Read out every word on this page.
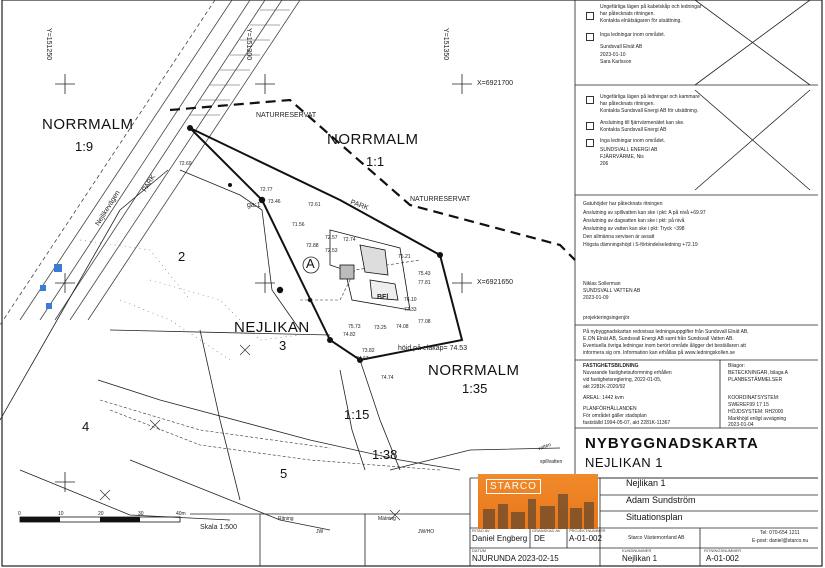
Y=151250	Y=151300	Y=151350
X=6921700
X=6921650
NORRMALM
1:9	NORRMALM
1:1
NEJLIKAN
3
NORRMALM
1:35
2
4
5
1:15
1:38
ga:1
NATURRESERVAT
NATURRESERVAT
PARK
Nejlikevägen
PARK
A
BFl
höjd på ela‌kåp= 74.53
vatten
spillvatten
72.69
72.77
73.46	72.61
71.56
72.88
72.57 72.74
72.53
76.21
75.43
77.81
76.10
77.33
77.08
75.73
74.82
73.82
74.74
74.67
73.25 74.08
0	10	20	30	40m
Skala 1:500
Ungefärliga lägen på kabelskåp och ledningar
har påtecknats ritningen.
Kontakta elnätsägaren för utsättning.
Inga ledningar inom området.
Sundsvall Elnät AB
2023-01-10
Sara Karlsson
Ungefärliga lägen på ledningar och kammare
har påtecknats ritningen.
Kontakta Sundsvall Energi AB för utsättning.
Anslutning till fjärrvärmenätet kan ske.
Kontakta Sundsvall Energi AB
Inga ledningar inom området.
SUNDSVALL ENERGI AB
FJÄRRVÄRME, Nis
206
Gatuhöjder har påtecknats ritningen
Anslutning av spillvatten kan ske i pkt: A på nivå +69.97
Anslutning av dagvatten kan ske i pkt: på nivå
Anslutning av vatten kan ske i pkt: Tryck ~398
Den allmänna servisen är avsatt
Högsta dämningshöjd i S-förbindelseledning +72.19
Niklas Sollerman
SUNDSVALL VATTEN AB
2023-01-09
projekteringsingenjör
På nybyggnadskartan redovisas ledningsuppgifter från Sundsvall Elnät AB,
E.ON Elnät AB, Sundsvall Energi AB samt från Sundsvall Vatten AB.
Eventuella övriga ledningar inom berört område åligger det beställaren att
informera sig om. Information kan erhållas på www.ledningskollen.se
FASTIGHETSBILDNING
Nuvarande fastighetsuformning erhållen
vid fastighetsreglering, 2022-01-05,
akt 2281K-2020/92
AREAL: 1442 kvm
PLANFÖRHÅLLANDEN
För området gäller stadsplan
fastställd 1994-05-07, akt 2281K-11367
Bilagor:
BETECKNINGAR, bilaga A
PLANBESTÄMMELSER
KOORDINATSYSTEM:
SWEREF99 17 15
HÖJDSYSTEM: RH2000
Markhöjd enligt avvägning
2023-01-04
NYBYGGNADSKARTA
NEJLIKAN 1
STARCO	Nejlikan 1
Adam Sundström
Situationsplan
RITAD AV
Daniel Engberg
GRANSKAD AV
DE
PROJEKTNUMMER
A-01-002	Starco Västernorrland AB
Tel: 070-654 1211
E-post: daniel@starco.nu
DATUM
NJURUNDA 2023-02-15
KUNDNUMMER
Nejlikan 1
RITNINGSNUMMER
A-01-002
Ritning
JW
Mätning
JW/HO
